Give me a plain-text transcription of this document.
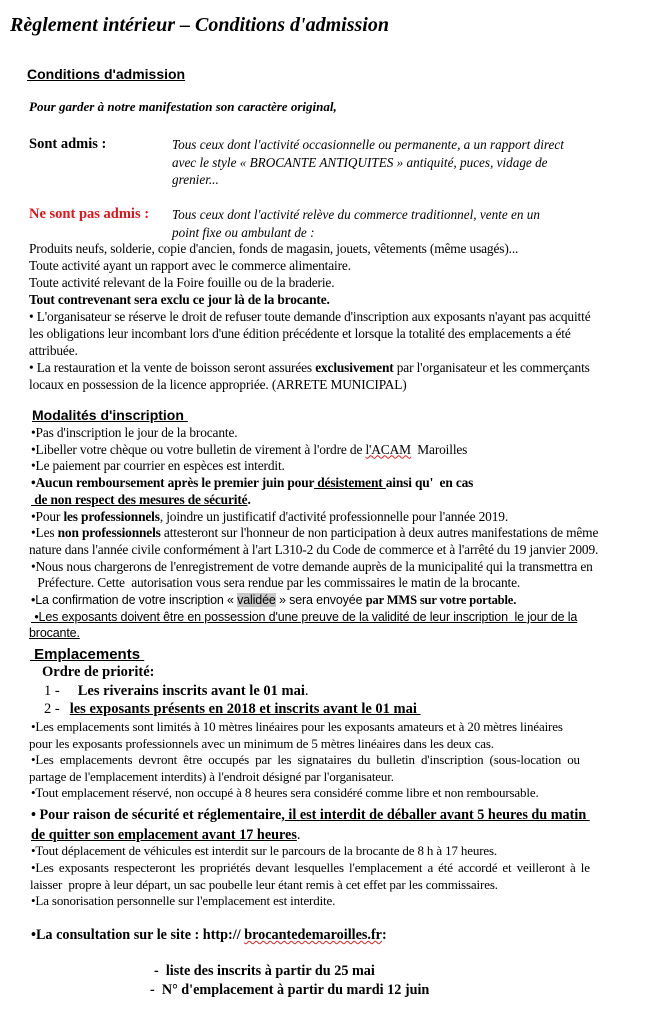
Règlement intérieur – Conditions d'admission
Conditions d'admission
Pour garder à notre manifestation son caractère original,
Sont admis :	Tous ceux dont l'activité occasionnelle ou permanente, a un rapport direct
avec le style « BROCANTE ANTIQUITES » antiquité, puces, vidage de
grenier...
Ne sont pas admis : Tous ceux dont l'activité relève du commerce traditionnel, vente en un
point fixe ou ambulant de :
Produits neufs, solderie, copie d'ancien, fonds de magasin, jouets, vêtements (même usagés)...
Toute activité ayant un rapport avec le commerce alimentaire.
Toute activité relevant de la Foire fouille ou de la braderie.
Tout contrevenant sera exclu ce jour là de la brocante.
• L'organisateur se réserve le droit de refuser toute demande d'inscription aux exposants n'ayant pas acquitté
les obligations leur incombant lors d'une édition précédente et lorsque la totalité des emplacements a été
attribuée.
• La restauration et la vente de boisson seront assurées exclusivement par l'organisateur et les commerçants
locaux en possession de la licence appropriée. (ARRETE MUNICIPAL)
Modalités d'inscription
•Pas d'inscription le jour de la brocante.
•Libeller votre chèque ou votre bulletin de virement à l'ordre de l'ACAM  Maroilles
•Le paiement par courrier en espèces est interdit.
•Aucun remboursement après le premier juin pour désistement ainsi qu'  en cas
de non respect des mesures de sécurité.
•Pour les professionnels, joindre un justificatif d'activité professionnelle pour l'année 2019.
•Les non professionnels attesteront sur l'honneur de non participation à deux autres manifestations de même
nature dans l'année civile conformément à l'art L310-2 du Code de commerce et à l'arrêté du 19 janvier 2009.
•Nous nous chargerons de l'enregistrement de votre demande auprès de la municipalité qui la transmettra en
Préfecture. Cette  autorisation vous sera rendue par les commissaires le matin de la brocante.
•La confirmation de votre inscription « validée » sera envoyée par MMS sur votre portable.
•Les exposants doivent être en possession d'une preuve de la validité de leur inscription  le jour de la
brocante.
Emplacements
Ordre de priorité:
1 - Les riverains inscrits avant le 01 mai.
2 - les exposants présents en 2018 et inscrits avant le 01 mai
•Les emplacements sont limités à 10 mètres linéaires pour les exposants amateurs et à 20 mètres linéaires
pour les exposants professionnels avec un minimum de 5 mètres linéaires dans les deux cas.
•Les emplacements devront être occupés par les signataires du bulletin d'inscription (sous-location ou
partage de l'emplacement interdits) à l'endroit désigné par l'organisateur.
•Tout emplacement réservé, non occupé à 8 heures sera considéré comme libre et non remboursable.
• Pour raison de sécurité et réglementaire, il est interdit de déballer avant 5 heures du matin
de quitter son emplacement avant 17 heures.
•Tout déplacement de véhicules est interdit sur le parcours de la brocante de 8 h à 17 heures.
•Les exposants respecteront les propriétés devant lesquelles l'emplacement a été accordé et veilleront à le
laisser  propre à leur départ, un sac poubelle leur étant remis à cet effet par les commissaires.
•La sonorisation personnelle sur l'emplacement est interdite.
•La consultation sur le site : http:// brocantedemaroilles.fr:
-  liste des inscrits à partir du 25 mai
-  N° d'emplacement à partir du mardi 12 juin
